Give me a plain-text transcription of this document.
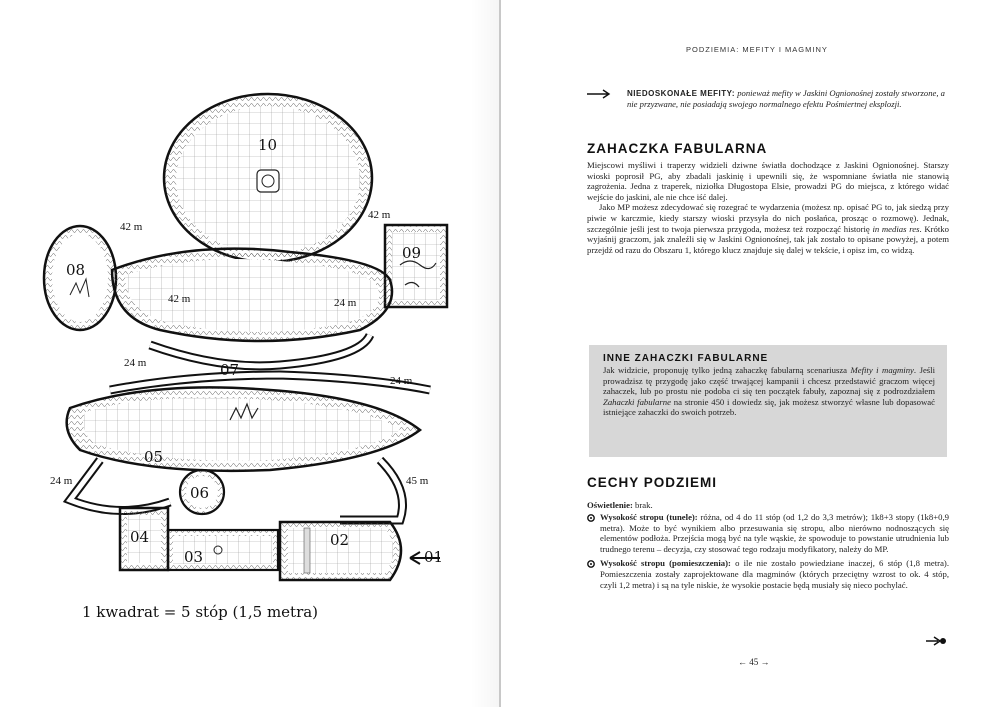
10
09
08
07
05
06
04
03
02
01
42 m
42 m
42 m	24 m
24 m
24 m
24 m	45 m
1 kwadrat = 5 stóp (1,5 metra)
PODZIEMIA: MEFITY I MAGMINY
NIEDOSKONAŁE MEFITY: ponieważ mefity w Jaskini Ognionośnej zostały stworzone, a nie przyzwane, nie posiadają swojego normalnego efektu Pośmiertnej eksplozji.
ZAHACZKA FABULARNA

Miejscowi myśliwi i traperzy widzieli dziwne światła dochodzące z Jaskini Ognionośnej. Starszy wioski poprosił PG, aby zbadali jaskinię i upewnili się, że wspomniane światła nie stanowią zagrożenia. Jedna z traperek, niziołka Długostopa Elsie, prowadzi PG do miejsca, z którego widać wejście do jaskini, ale nie chce iść dalej.

Jako MP możesz zdecydować się rozegrać te wydarzenia (możesz np. opisać PG to, jak siedzą przy piwie w karczmie, kiedy starszy wioski przysyła do nich posłańca, prosząc o rozmowę). Jednak, szczególnie jeśli jest to twoja pierwsza przygoda, możesz też rozpocząć historię in medias res. Krótko wyjaśnij graczom, jak znaleźli się w Jaskini Ognionośnej, tak jak zostało to opisane powyżej, a potem przejdź od razu do Obszaru 1, którego klucz znajduje się dalej w tekście, i opisz im, co widzą.

INNE ZAHACZKI FABULARNE

Jak widzicie, proponuję tylko jedną zahaczkę fabularną scenariusza Mefity i magminy. Jeśli prowadzisz tę przygodę jako część trwającej kampanii i chcesz przedstawić graczom więcej zahaczek, lub po prostu nie podoba ci się ten początek fabuły, zapoznaj się z podrozdziałem Zahaczki fabularne na stronie 450 i dowiedz się, jak możesz stworzyć własne lub dopasować istniejące zahaczki do swoich potrzeb.

CECHY PODZIEMI
Oświetlenie: brak.
Wysokość stropu (tunele): różna, od 4 do 11 stóp (od 1,2 do 3,3 metrów); 1k8+3 stopy (1k8+0,9 metra). Może to być wynikiem albo przesuwania się stropu, albo nierówno nodnoszących się elementów podłoża. Przejścia mogą być na tyle wąskie, że spowoduje to powstanie utrudnienia lub trudnego terenu – decyzja, czy stosować tego rodzaju modyfikatory, należy do MP.
Wysokość stropu (pomieszczenia): o ile nie zostało powiedziane inaczej, 6 stóp (1,8 metra). Pomieszczenia zostały zaprojektowane dla magminów (których przeciętny wzrost to ok. 4 stóp, czyli 1,2 metra) i są na tyle niskie, że wysokie postacie będą musiały się nieco pochylać.
← 45 →
